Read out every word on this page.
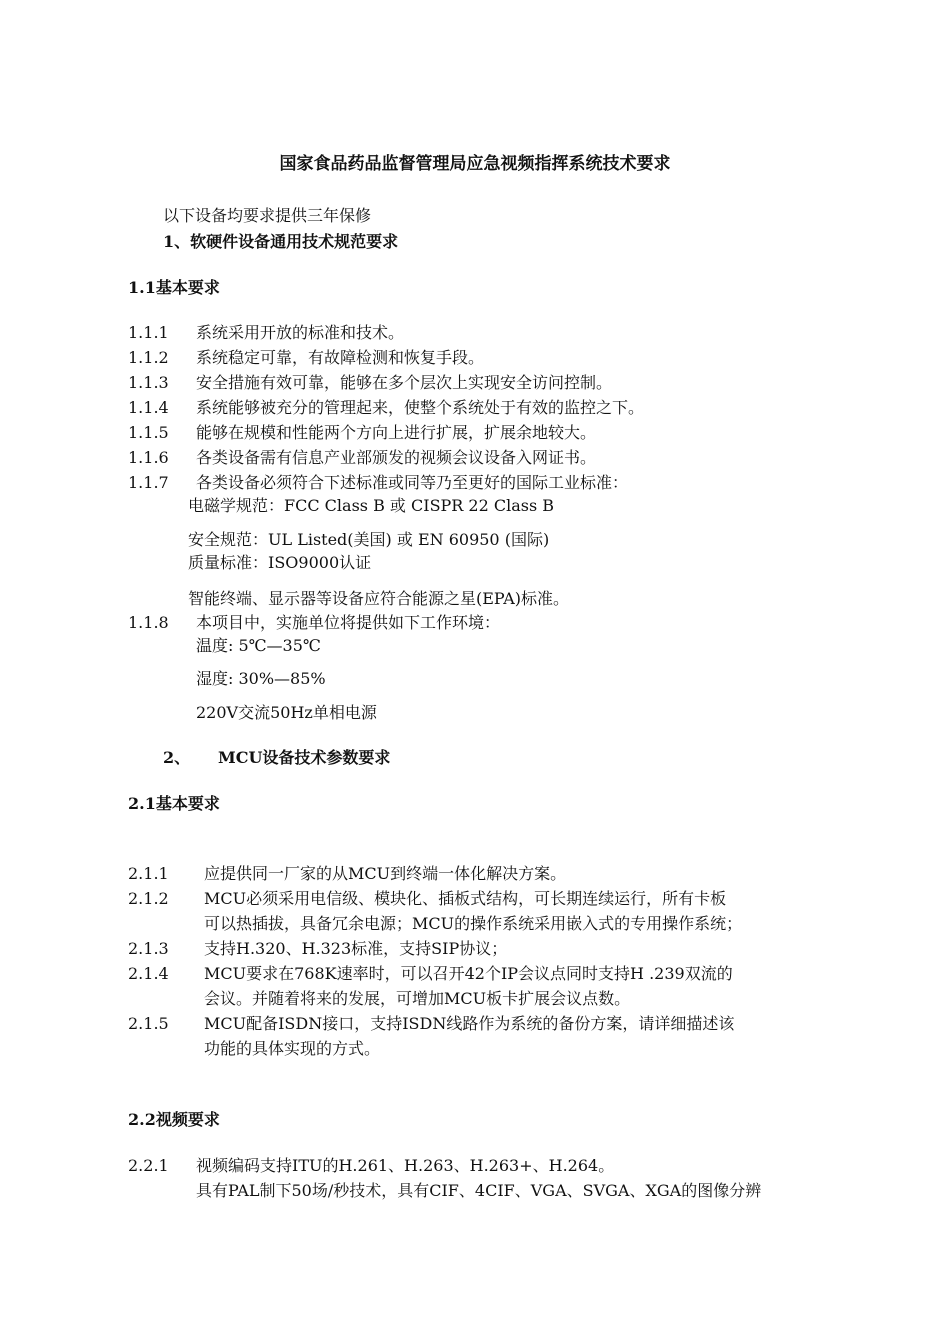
国家食品药品监督管理局应急视频指挥系统技术要求
以下设备均要求提供三年保修
1、软硬件设备通用技术规范要求
1.1基本要求
1.1.1 系统采用开放的标准和技术。
1.1.2 系统稳定可靠，有故障检测和恢复手段。
1.1.3 安全措施有效可靠，能够在多个层次上实现安全访问控制。
1.1.4 系统能够被充分的管理起来，使整个系统处于有效的监控之下。
1.1.5 能够在规模和性能两个方向上进行扩展，扩展余地较大。
1.1.6 各类设备需有信息产业部颁发的视频会议设备入网证书。
1.1.7 各类设备必须符合下述标准或同等乃至更好的国际工业标准：
电磁学规范：FCC Class B 或 CISPR 22 Class B
安全规范：UL Listed(美国) 或 EN 60950 (国际)
质量标准：ISO9000认证
智能终端、显示器等设备应符合能源之星(EPA)标准。
1.1.8 本项目中，实施单位将提供如下工作环境：
温度: 5℃—35℃
湿度: 30%—85%
220V交流50Hz单相电源
2、 MCU设备技术参数要求
2.1基本要求
2.1.1 应提供同一厂家的从MCU到终端一体化解决方案。
2.1.2 MCU必须采用电信级、模块化、插板式结构，可长期连续运行，所有卡板
可以热插拔，具备冗余电源；MCU的操作系统采用嵌入式的专用操作系统；
2.1.3 支持H.320、H.323标准，支持SIP协议；
2.1.4 MCU要求在768K速率时，可以召开42个IP会议点同时支持H .239双流的
会议。并随着将来的发展，可增加MCU板卡扩展会议点数。
2.1.5 MCU配备ISDN接口，支持ISDN线路作为系统的备份方案，请详细描述该
功能的具体实现的方式。
2.2视频要求
2.2.1 视频编码支持ITU的H.261、H.263、H.263+、H.264。
具有PAL制下50场/秒技术，具有CIF、4CIF、VGA、SVGA、XGA的图像分辨
